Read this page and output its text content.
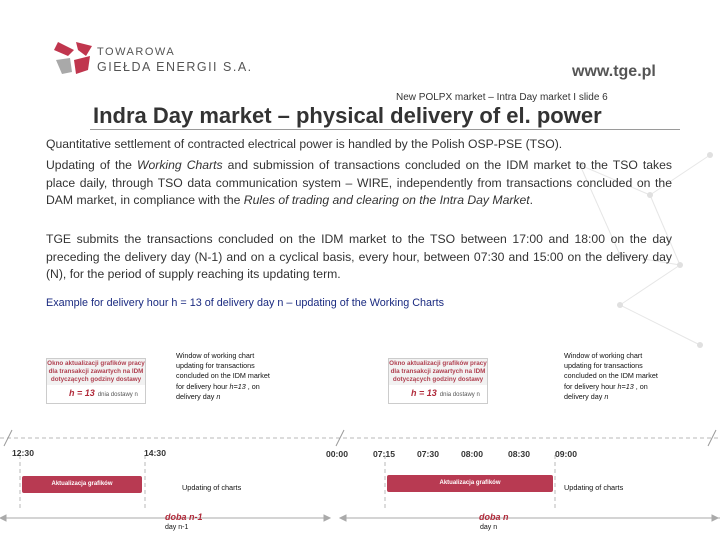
TOWAROWA
GIEŁDA ENERGII S.A.	www.tge.pl
New POLPX market – Intra Day market I slide 6
Indra Day market – physical delivery of el. power
Quantitative settlement of contracted electrical power is handled by the Polish OSP-PSE (TSO).
Updating of the Working Charts and submission of transactions concluded on the IDM market to the TSO takes place daily, through TSO data communication system – WIRE, independently from transactions concluded on the DAM market, in compliance with the Rules of trading and clearing on the Intra Day Market.
TGE submits the transactions concluded on the IDM market to the TSO between 17:00 and 18:00 on the day preceding the delivery day (N-1) and on a cyclical basis, every hour, between 07:30 and 15:00 on the delivery day (N), for the period of supply reaching its updating term.
Example for delivery hour h = 13 of delivery day n – updating of the Working Charts
Okno aktualizacji grafików pracy
dla transakcji zawartych na IDM
dotyczących godziny dostawy
h = 13 dnia dostawy n
Window of working chart updating for transactions concluded on the IDM market for delivery hour h=13 , on delivery day n
Okno aktualizacji grafików pracy
dla transakcji zawartych na IDM
dotyczących godziny dostawy
h = 13 dnia dostawy n
Window of working chart updating for transactions concluded on the IDM market for delivery hour h=13 , on delivery day n
12:30	14:30	00:00	07:15	07:30	08:00	08:30	09:00
Aktualizacja grafików	Aktualizacja grafików
Updating of charts	Updating of charts
doba n-1
day n-1
doba n
day n
